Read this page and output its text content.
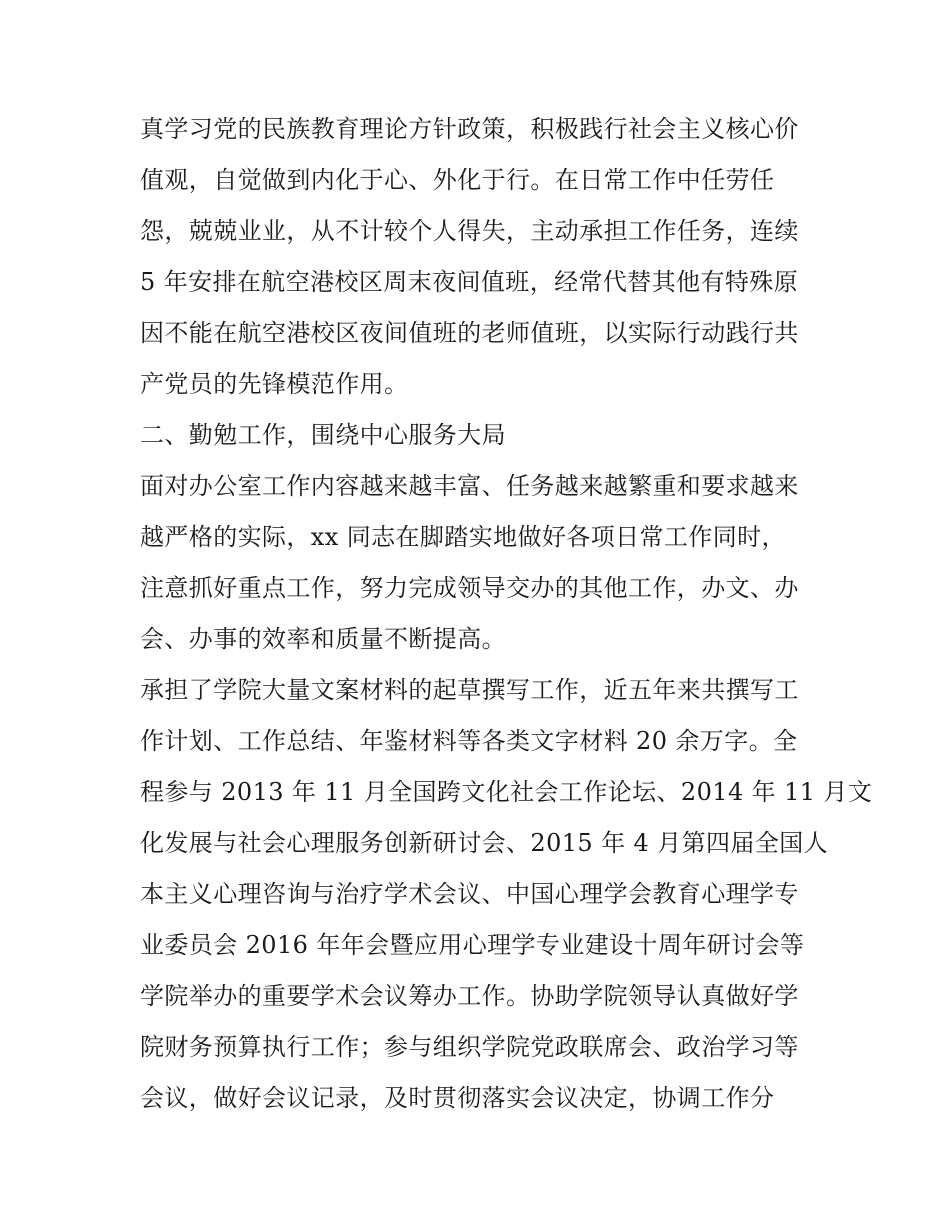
真学习党的民族教育理论方针政策，积极践行社会主义核心价
值观，自觉做到内化于心、外化于行。在日常工作中任劳任
怨，兢兢业业，从不计较个人得失，主动承担工作任务，连续
5 年安排在航空港校区周末夜间值班，经常代替其他有特殊原
因不能在航空港校区夜间值班的老师值班，以实际行动践行共
产党员的先锋模范作用。
二、勤勉工作，围绕中心服务大局
面对办公室工作内容越来越丰富、任务越来越繁重和要求越来
越严格的实际，xx 同志在脚踏实地做好各项日常工作同时，
注意抓好重点工作，努力完成领导交办的其他工作，办文、办
会、办事的效率和质量不断提高。
承担了学院大量文案材料的起草撰写工作，近五年来共撰写工
作计划、工作总结、年鉴材料等各类文字材料 20 余万字。全
程参与 2013 年 11 月全国跨文化社会工作论坛、2014 年 11 月文
化发展与社会心理服务创新研讨会、2015 年 4 月第四届全国人
本主义心理咨询与治疗学术会议、中国心理学会教育心理学专
业委员会 2016 年年会暨应用心理学专业建设十周年研讨会等
学院举办的重要学术会议筹办工作。协助学院领导认真做好学
院财务预算执行工作；参与组织学院党政联席会、政治学习等
会议，做好会议记录，及时贯彻落实会议决定，协调工作分
